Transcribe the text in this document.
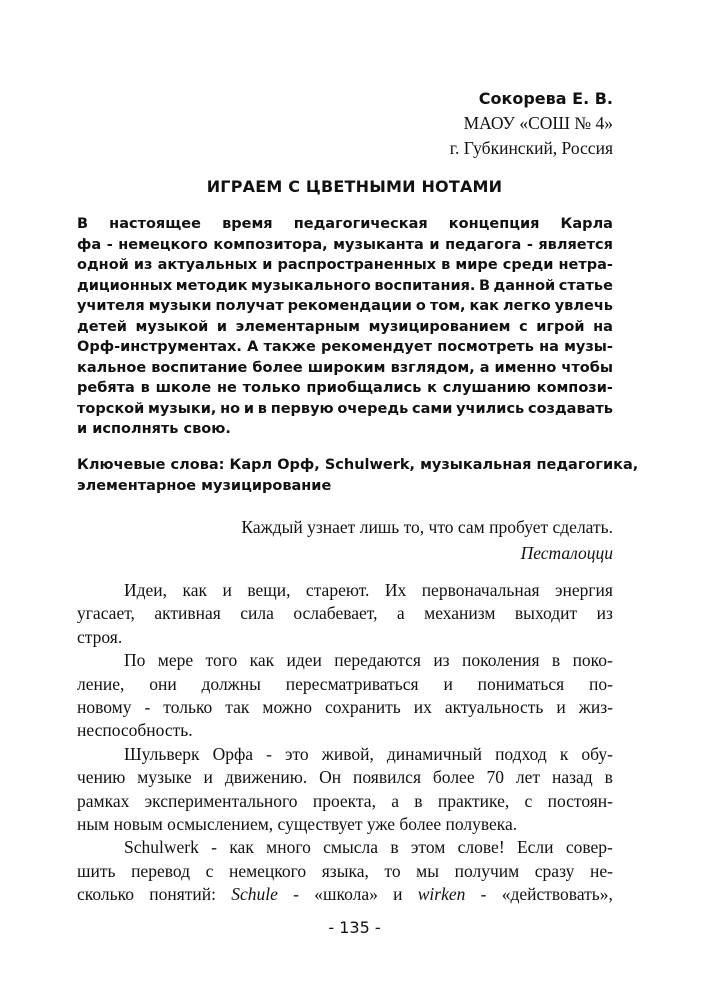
Сокорева Е. В.
МАОУ «СОШ № 4»
г. Губкинский, Россия
ИГРАЕМ С ЦВЕТНЫМИ НОТАМИ
В настоящее время педагогическая концепция Карла
фа - немецкого композитора, музыканта и педагога - является
одной из актуальных и распространенных в мире среди нетра-
диционных методик музыкального воспитания. В данной статье
учителя музыки получат рекомендации о том, как легко увлечь
детей музыкой и элементарным музицированием с игрой на
Орф-инструментах. А также рекомендует посмотреть на музы-
кальное воспитание более широким взглядом, а именно чтобы
ребята в школе не только приобщались к слушанию компози-
торской музыки, но и в первую очередь сами учились создавать
и исполнять свою.
Ключевые слова: Карл Орф, Schulwerk, музыкальная педагогика,
элементарное музицирование
Каждый узнает лишь то, что сам пробует сделать.
Песталоцци
Идеи, как и вещи, стареют. Их первоначальная энергия
угасает, активная сила ослабевает, а механизм выходит из
строя.
По мере того как идеи передаются из поколения в поко-
ление, они должны пересматриваться и пониматься по-
новому - только так можно сохранить их актуальность и жиз-
неспособность.
Шульверк Орфа - это живой, динамичный подход к обу-
чению музыке и движению. Он появился более 70 лет назад в
рамках экспериментального проекта, а в практике, с постоян-
ным новым осмыслением, существует уже более полувека.
Schulwerk - как много смысла в этом слове! Если совер-
шить перевод с немецкого языка, то мы получим сразу не-
сколько понятий: Schule - «школа» и wirken - «действовать»,
- 135 -
